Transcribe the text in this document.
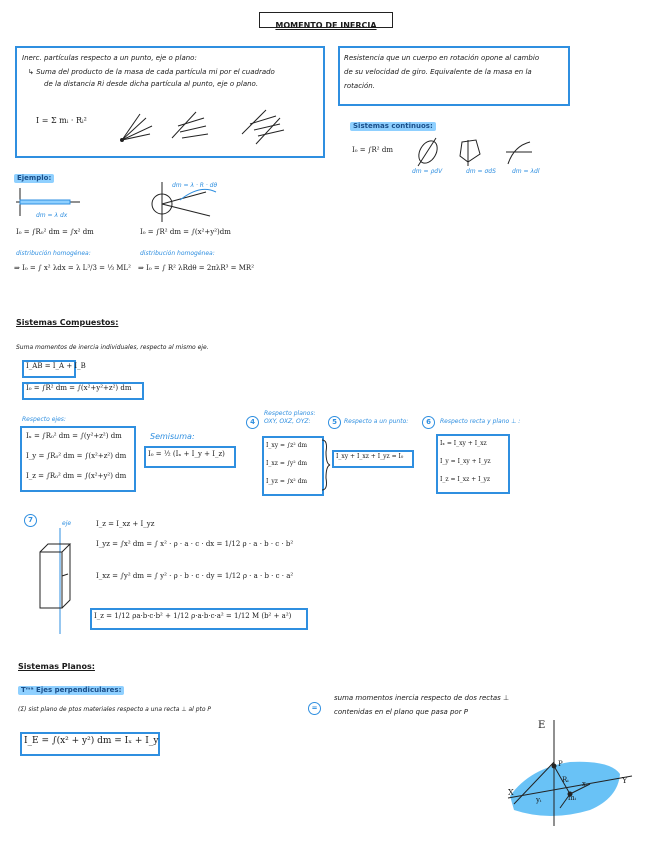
MOMENTO DE INERCIA
Inerc. partículas respecto a un punto, eje o plano:
↳ Suma del producto de la masa de cada partícula mi por el cuadrado
de la distancia Ri desde dicha partícula al punto, eje o plano.
I = Σ mᵢ · Rᵢ²
Resistencia que un cuerpo en rotación opone al cambio
de su velocidad de giro. Equivalente de la masa en la
rotación.
Sistemas continuos:
I₀ = ∫R² dm
dm = ρdV	dm = σdS	dm = λdl
Ejemplo:
dm = λ dx
dm = λ · R · dθ
I₀ = ∫R₀² dm = ∫x² dm	I₀ = ∫R² dm = ∫(x²+y²)dm
distribución homogénea:	distribución homogénea:
⇒ I₀ = ∫ x² λdx = λ L³/3 = ⅓ ML² ⇒ I₀ = ∫ R² λRdθ = 2πλR³ = MR²
Sistemas Compuestos:
Suma momentos de inercia individuales, respecto al mismo eje.
I_AB = I_A + I_B
I₀ = ∫R² dm = ∫(x²+y²+z²) dm
Respecto ejes:
Iₓ = ∫R₀² dm = ∫(y²+z²) dm
I_y = ∫R₀² dm = ∫(x²+z²) dm
I_z = ∫R₀² dm = ∫(x²+y²) dm
Semisuma:
I₀ = ½ (Iₓ + I_y + I_z)
4
Respecto planos: OXY, OXZ, OYZ:
I_xy = ∫z² dm
I_xz = ∫y² dm
I_yz = ∫x² dm
5	Respecto a un punto:
I_xy + I_xz + I_yz = I₀
6	Respecto recta y plano ⊥ :
Iₓ = I_xy + I_xz
I_y = I_xy + I_yz
I_z = I_xz + I_yz
7	eje	I_z = I_xz + I_yz
I_yz = ∫x² dm = ∫ x² · ρ · a · c · dx = 1/12 ρ · a · b · c · b²
I_xz = ∫y² dm = ∫ y² · ρ · b · c · dy = 1/12 ρ · a · b · c · a²
I_z = 1/12 ρa·b·c·b² + 1/12 ρ·a·b·c·a² = 1/12 M (b² + a²)
Sistemas Planos:
Tᵐᵃ Ejes perpendiculares:
(Σ) sist plano de ptos materiales respecto a una recta ⊥ al pto P	=
suma momentos inercia respecto de dos rectas ⊥
contenidas en el plano que pasa por P
I_E = ∫(x² + y²) dm = Iₓ + I_y
E
P
Rᵢ xᵢ
yᵢ	mᵢ
X
Y
